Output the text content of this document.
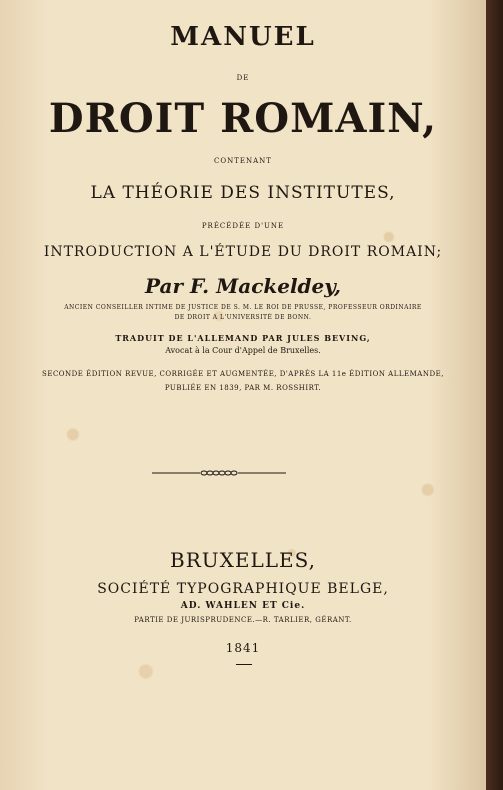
MANUEL
DE
DROIT ROMAIN,
CONTENANT
LA THÉORIE DES INSTITUTES,
PRÉCÉDÉE D'UNE
INTRODUCTION A L'ÉTUDE DU DROIT ROMAIN;
Par F. Mackeldey,
ANCIEN CONSEILLER INTIME DE JUSTICE DE S. M. LE ROI DE PRUSSE, PROFESSEUR ORDINAIRE
DE DROIT A L'UNIVERSITÉ DE BONN.
TRADUIT DE L'ALLEMAND PAR JULES BEVING,
Avocat à la Cour d'Appel de Bruxelles.
SECONDE ÉDITION REVUE, CORRIGÉE ET AUGMENTÉE, D'APRÈS LA 11e ÉDITION ALLEMANDE,
PUBLIÉE EN 1839, PAR M. ROSSHIRT.
BRUXELLES,
SOCIÉTÉ TYPOGRAPHIQUE BELGE,
AD. WAHLEN ET Cie.
PARTIE DE JURISPRUDENCE.—R. TARLIER, GÉRANT.
1841
